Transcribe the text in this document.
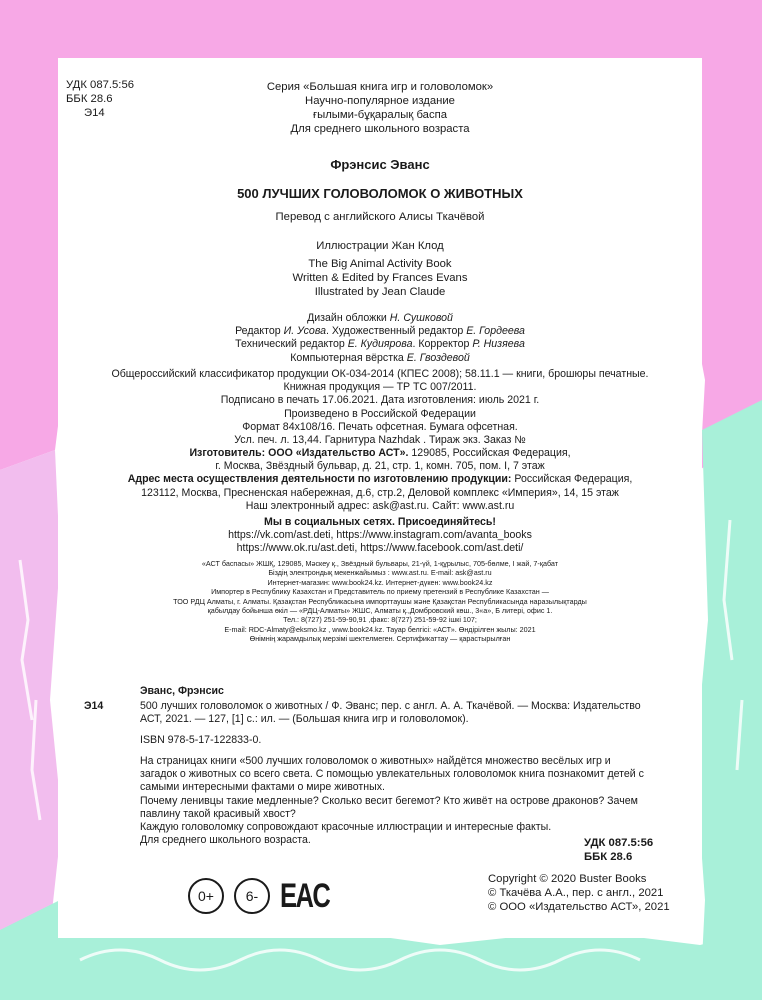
УДК 087.5:56
ББК 28.6
Э14
Серия «Большая книга игр и головоломок»
Научно-популярное издание
ғылыми-бұқаралық баспа
Для среднего школьного возраста
Фрэнсис Эванс
500 ЛУЧШИХ ГОЛОВОЛОМОК О ЖИВОТНЫХ
Перевод с английского Алисы Ткачёвой
Иллюстрации Жан Клод
The Big Animal Activity Book
Written & Edited by Frances Evans
Illustrated by Jean Claude
Дизайн обложки Н. Сушковой
Редактор И. Усова. Художественный редактор Е. Гордеева
Технический редактор Е. Кудиярова. Корректор Р. Низяева
Компьютерная вёрстка Е. Гвоздевой
Общероссийский классификатор продукции ОК-034-2014 (КПЕС 2008); 58.11.1 — книги, брошюры печатные.
Книжная продукция — ТР ТС 007/2011.
Подписано в печать 17.06.2021. Дата изготовления: июль 2021 г.
Произведено в Российской Федерации
Формат 84х108/16. Печать офсетная. Бумага офсетная.
Усл. печ. л. 13,44. Гарнитура Nazhdak . Тираж экз. Заказ №
Изготовитель: ООО «Издательство АСТ». 129085, Российская Федерация,
г. Москва, Звёздный бульвар, д. 21, стр. 1, комн. 705, пом. I, 7 этаж
Адрес места осуществления деятельности по изготовлению продукции: Российская Федерация,
123112, Москва, Пресненская набережная, д.6, стр.2, Деловой комплекс «Империя», 14, 15 этаж
Наш электронный адрес: ask@ast.ru. Сайт: www.ast.ru
Мы в социальных сетях. Присоединяйтесь!
https://vk.com/ast.deti, https://www.instagram.com/avanta_books
https://www.ok.ru/ast.deti, https://www.facebook.com/ast.deti/
«АСТ баспасы» ЖШҚ, 129085, Мәскеу қ., Звёздный бульвары, 21-үй, 1-құрылыс, 705-бөлме, I жай, 7-қабат
Біздің электрондық мекенжайымыз : www.ast.ru. E-mail: ask@ast.ru
Интернет-магазин: www.book24.kz. Интернет-дүкен: www.book24.kz
Импортер в Республику Казахстан и Представитель по приему претензий в Республике Казахстан —
ТОО РДЦ Алматы, г. Алматы. Қазақстан Республикасына импорттаушы және Қазақстан Республикасында наразылықтарды
қабылдау бойынша өкіл — «РДЦ-Алматы» ЖШС, Алматы қ.,Домбровский көш., 3«а», Б литері, офис 1.
Тел.: 8(727) 251-59-90,91 ,факс: 8(727) 251-59-92 ішкі 107;
E-mail: RDC-Almaty@eksmo.kz , www.book24.kz. Тауар белгісі: «АСТ». Өндірілген жылы: 2021
Өнімнің жарамдылық мерзімі шектелмеген. Сертификаттау — қарастырылған
Эванс, Фрэнсис
Э14	500 лучших головоломок о животных / Ф. Эванс; пер. с англ. А. А. Ткачёвой. — Москва: Издательство
АСТ, 2021. — 127, [1] с.: ил. — (Большая книга игр и головоломок).
ISBN 978-5-17-122833-0.
На страницах книги «500 лучших головоломок о животных» найдётся множество весёлых игр и
загадок о животных со всего света. С помощью увлекательных головоломок книга познакомит детей с
самыми интересными фактами о мире животных.
Почему ленивцы такие медленные? Сколько весит бегемот? Кто живёт на острове драконов? Зачем
павлину такой красивый хвост?
Каждую головоломку сопровождают красочные иллюстрации и интересные факты.
Для среднего школьного возраста.	УДК 087.5:56
ББК 28.6
0+	6- EAC	Copyright © 2020 Buster Books
© Ткачёва А.А., пер. с англ., 2021
© ООО «Издательство АСТ», 2021
